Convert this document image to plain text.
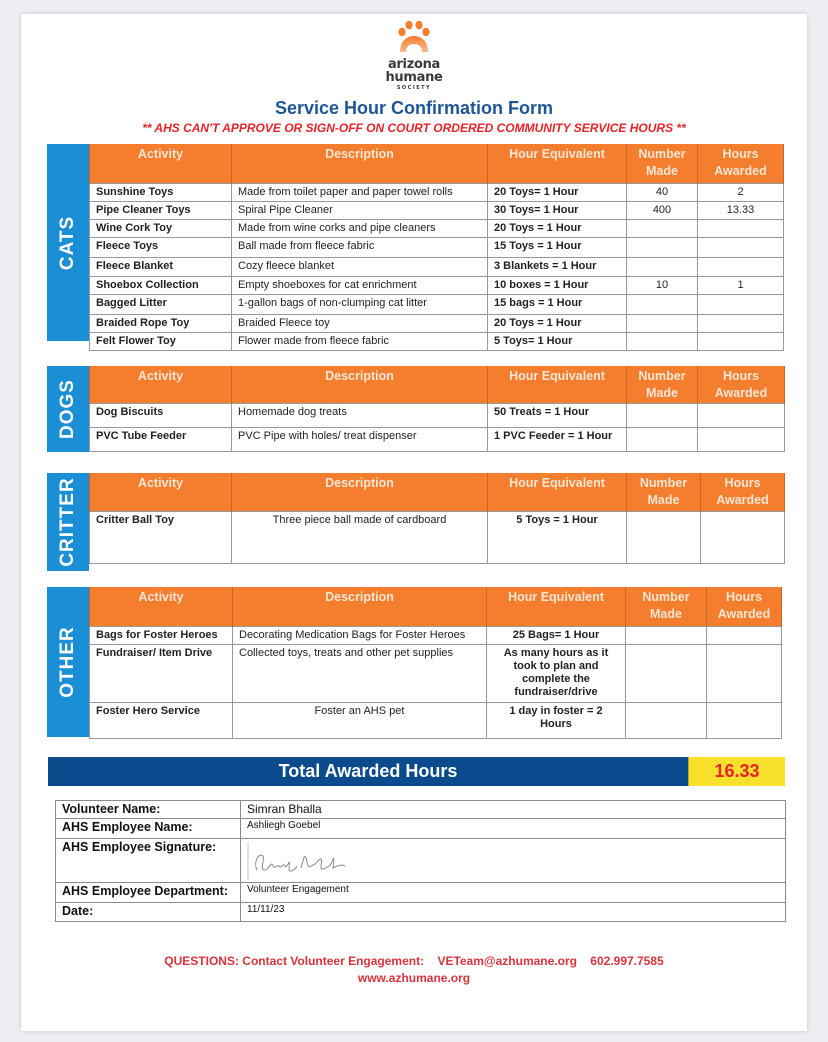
arizona
humane
SOCIETY
Service Hour Confirmation Form
** AHS CAN'T APPROVE OR SIGN-OFF ON COURT ORDERED COMMUNITY SERVICE HOURS **
CATS
Activity	Description	Hour Equivalent	Number Made	Hours Awarded
Sunshine Toys	Made from toilet paper and paper towel rolls	20 Toys= 1 Hour	40	2
Pipe Cleaner Toys	Spiral Pipe Cleaner	30 Toys= 1 Hour	400	13.33
Wine Cork Toy	Made from wine corks and pipe cleaners	20 Toys = 1 Hour		
Fleece Toys	Ball made from fleece fabric	15 Toys = 1 Hour		
Fleece Blanket	Cozy fleece blanket	3 Blankets = 1 Hour		
Shoebox Collection	Empty shoeboxes for cat enrichment	10 boxes = 1 Hour	10	1
Bagged Litter	1-gallon bags of non-clumping cat litter	15 bags = 1 Hour		
Braided Rope Toy	Braided Fleece toy	20 Toys = 1 Hour		
Felt Flower Toy	Flower made from fleece fabric	5 Toys= 1 Hour		
DOGS
Activity	Description	Hour Equivalent	Number Made	Hours Awarded
Dog Biscuits	Homemade dog treats	50 Treats = 1 Hour		
PVC Tube Feeder	PVC Pipe with holes/ treat dispenser	1 PVC Feeder = 1 Hour		
CRITTER	Activity	Description	Hour Equivalent	Number Made	Hours Awarded
Critter Ball Toy	Three piece ball made of cardboard	5 Toys = 1 Hour		
OTHER
Activity	Description	Hour Equivalent	Number Made	Hours Awarded
Bags for Foster Heroes	Decorating Medication Bags for Foster Heroes	25 Bags= 1 Hour		
Fundraiser/ Item Drive	Collected toys, treats and other pet supplies	As many hours as it took to plan and complete the fundraiser/drive		
Foster Hero Service	Foster an AHS pet	1 day in foster = 2 Hours		
Total Awarded Hours	16.33
Volunteer Name:	Simran Bhalla
AHS Employee Name:	Ashliegh Goebel
AHS Employee Signature:	

AHS Employee Department:	Volunteer Engagement
Date:	11/11/23
QUESTIONS: Contact Volunteer Engagement: VETeam@azhumane.org 602.997.7585
www.azhumane.org
